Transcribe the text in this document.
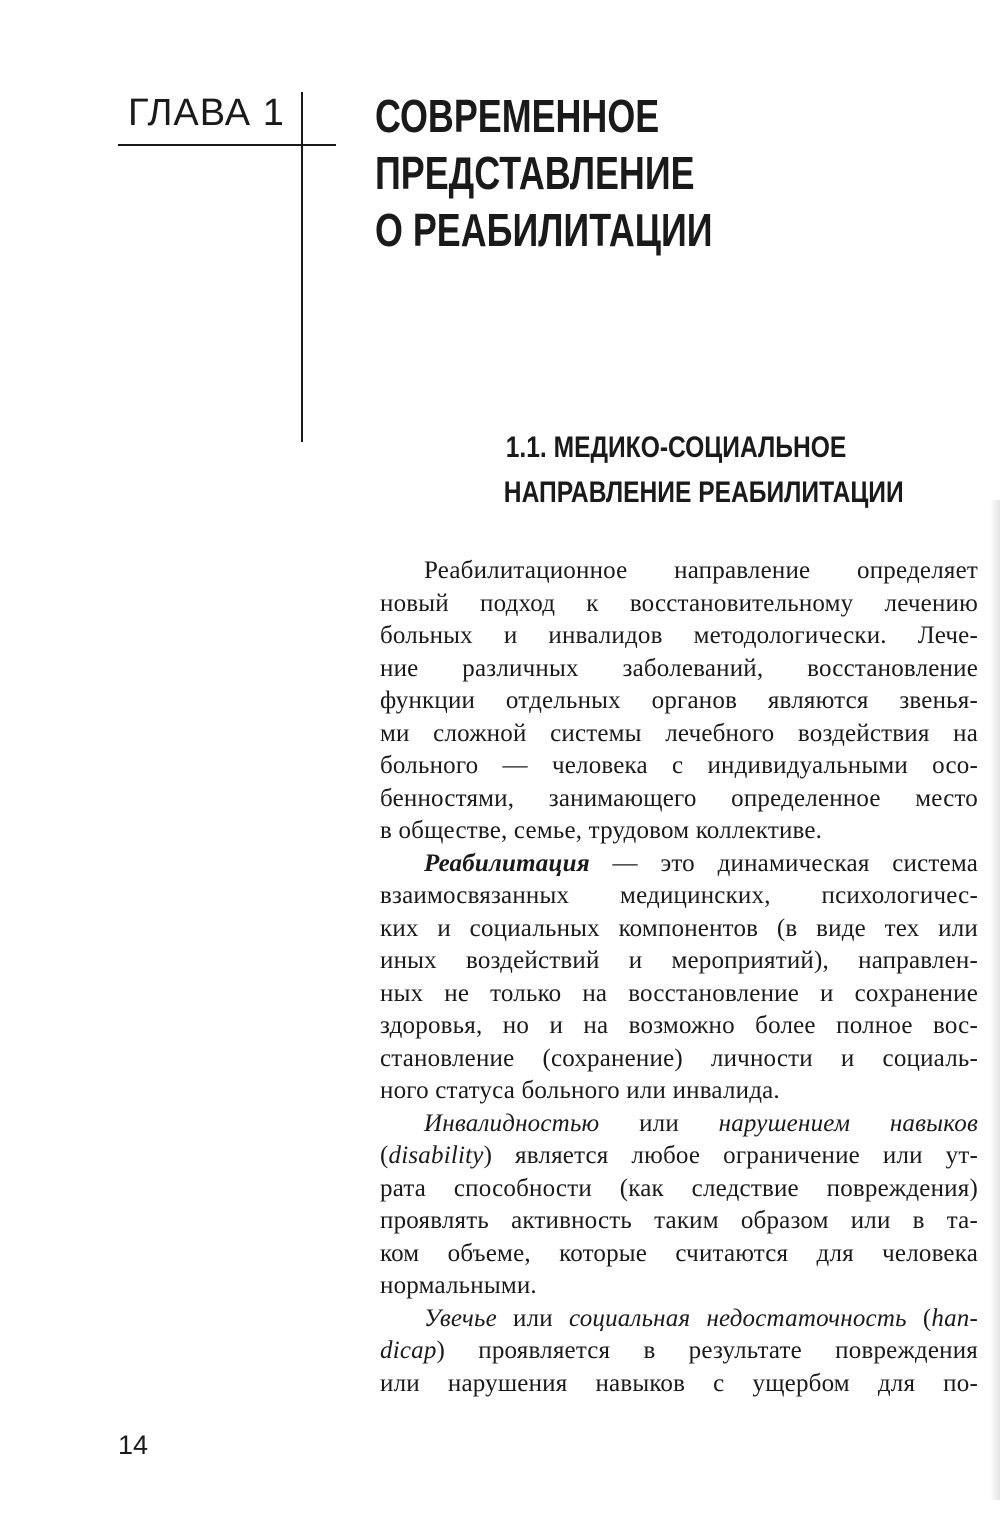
ГЛАВА 1 СОВРЕМЕННОЕ
ПРЕДСТАВЛЕНИЕ
О РЕАБИЛИТАЦИИ
1.1. МЕДИКО-СОЦИАЛЬНОЕ
НАПРАВЛЕНИЕ РЕАБИЛИТАЦИИ

Реабилитационное направление определяет
новый подход к восстановительному лечению
больных и инвалидов методологически. Лече-
ние различных заболеваний, восстановление
функции отдельных органов являются звенья-
ми сложной системы лечебного воздействия на
больного — человека с индивидуальными осо-
бенностями, занимающего определенное место
в обществе, семье, трудовом коллективе.

Реабилитация — это динамическая система
взаимосвязанных медицинских, психологичес-
ких и социальных компонентов (в виде тех или
иных воздействий и мероприятий), направлен-
ных не только на восстановление и сохранение
здоровья, но и на возможно более полное вос-
становление (сохранение) личности и социаль-
ного статуса больного или инвалида.

Инвалидностью или нарушением навыков
(disability) является любое ограничение или ут-
рата способности (как следствие повреждения)
проявлять активность таким образом или в та-
ком объеме, которые считаются для человека
нормальными.

Увечье или социальная недостаточность (han-
dicap) проявляется в результате повреждения
или нарушения навыков с ущербом для по-

14
